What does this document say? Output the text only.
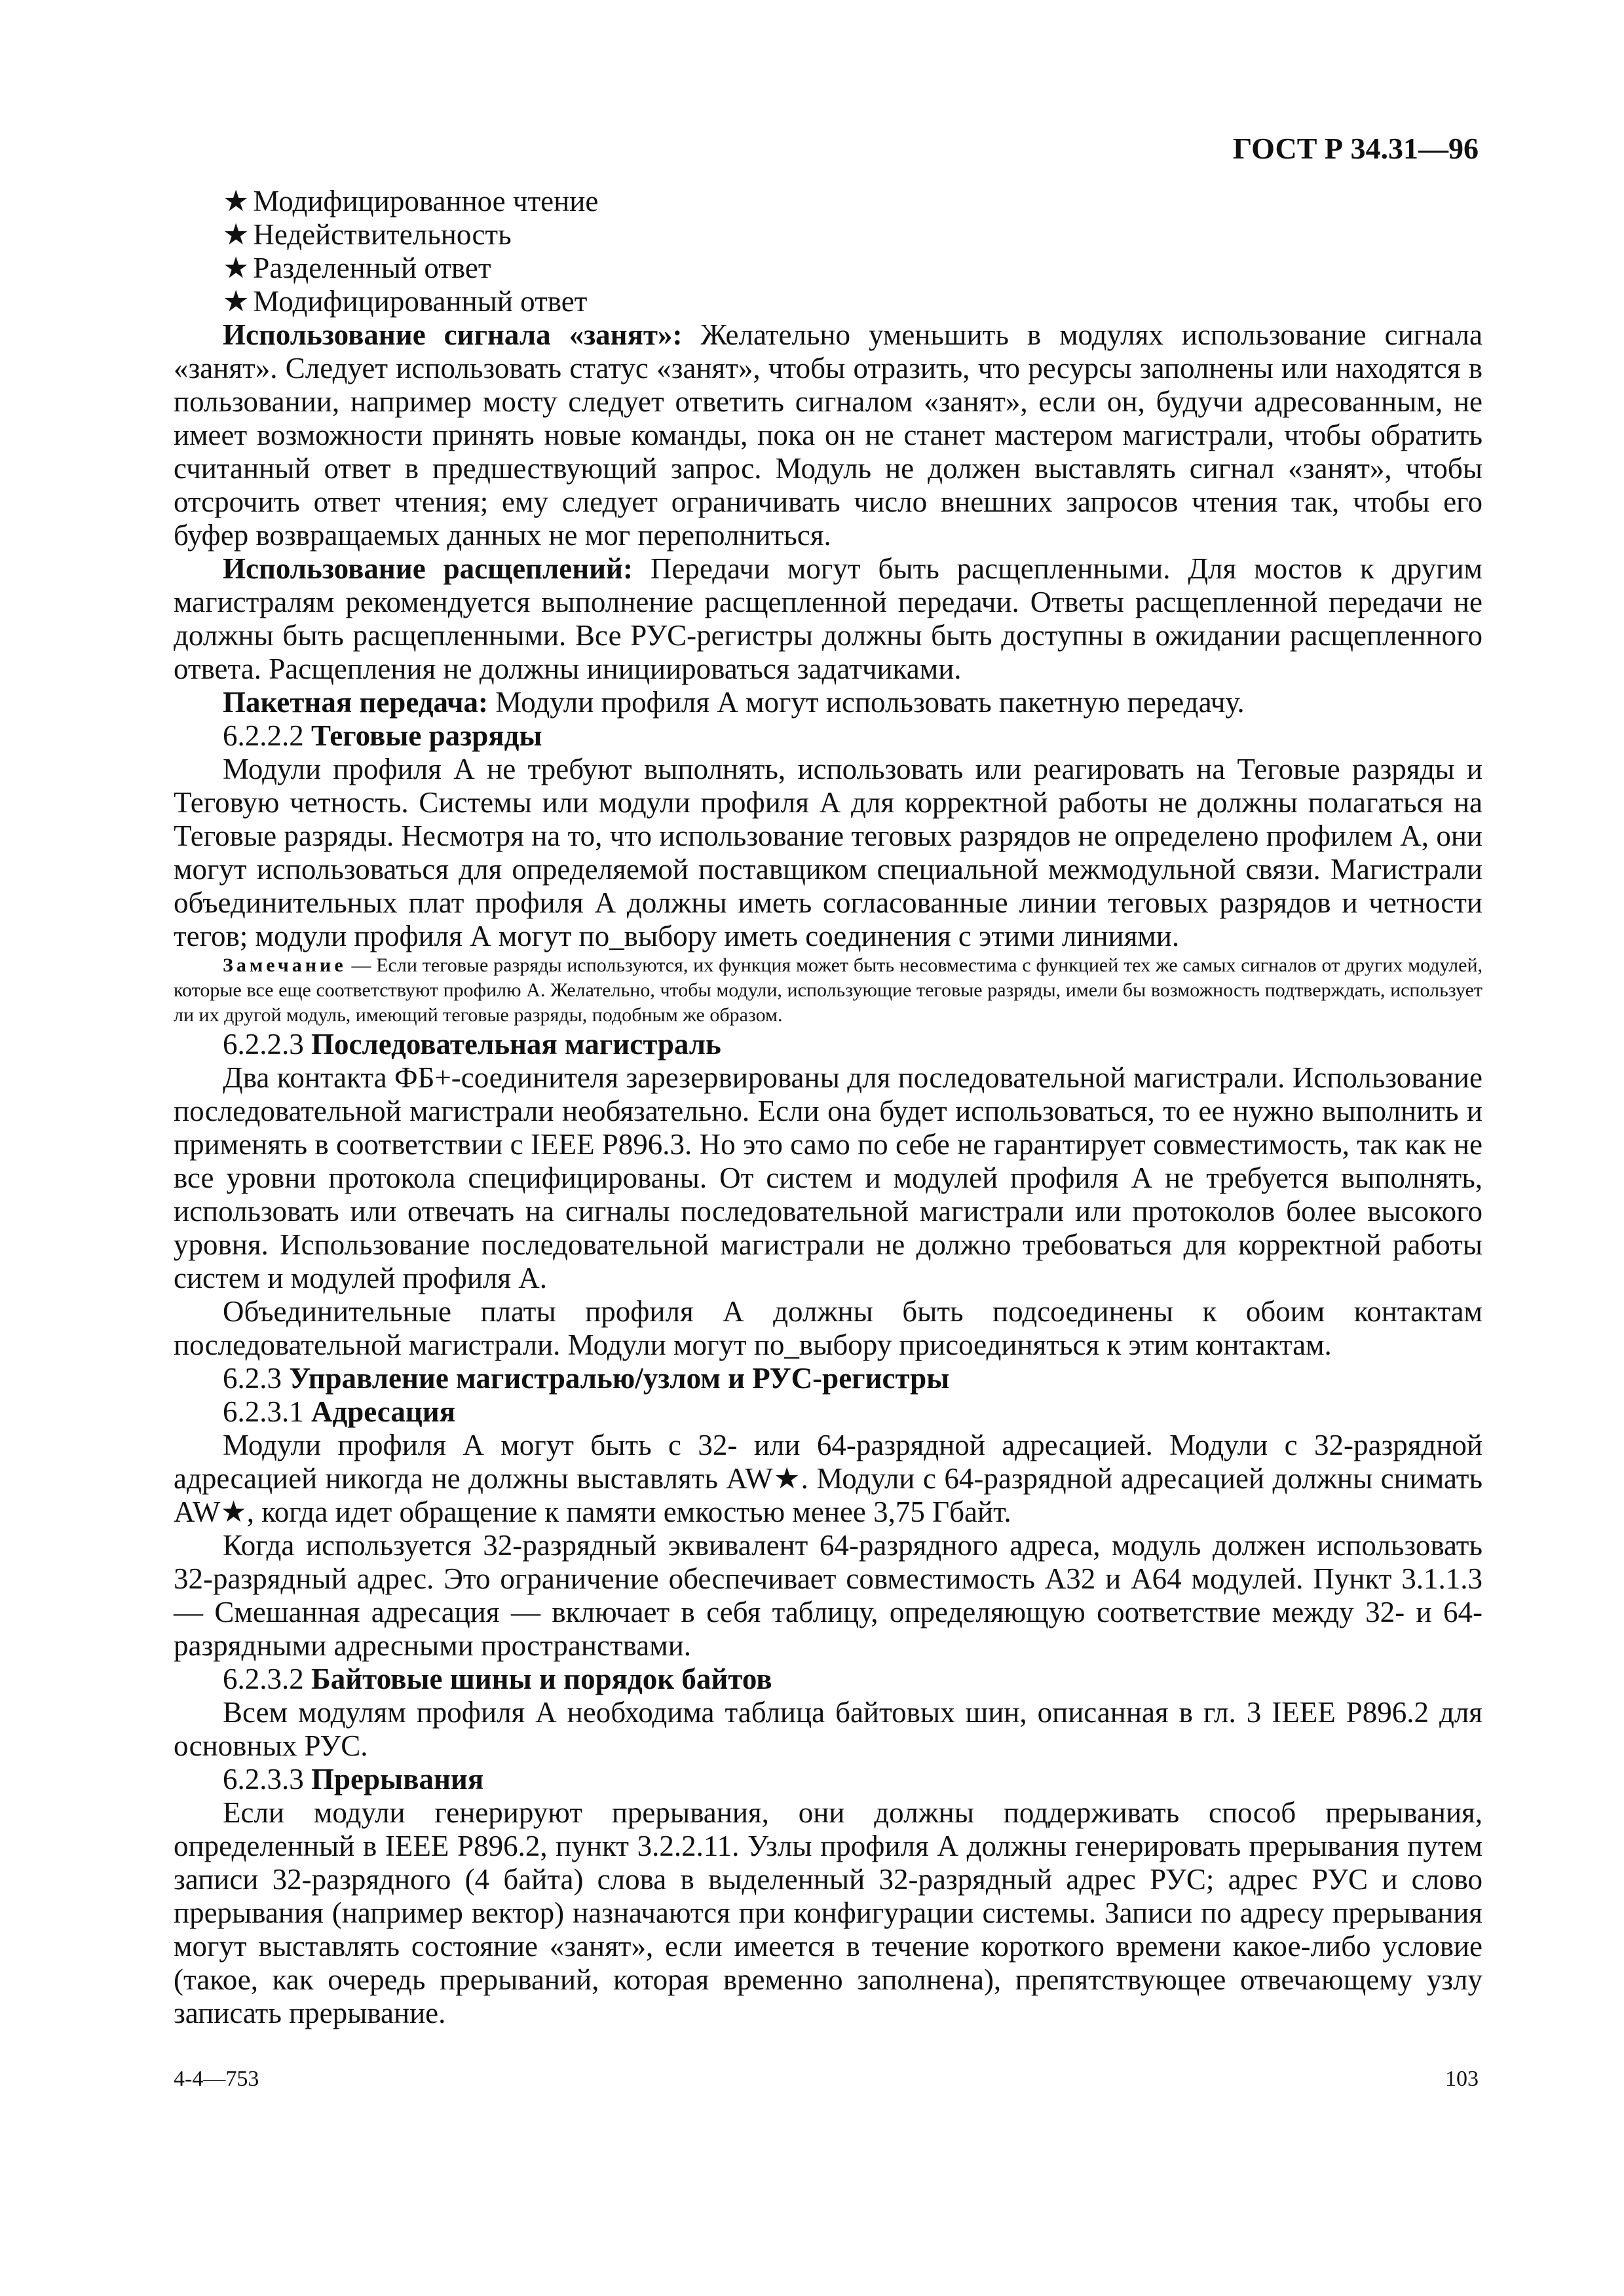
ГОСТ Р 34.31—96

★ Модифицированное чтение

★ Недействительность

★ Разделенный ответ

★ Модифицированный ответ

Использование сигнала «занят»: Желательно уменьшить в модулях использование сигнала «занят». Следует использовать статус «занят», чтобы отразить, что ресурсы заполнены или находятся в пользовании, например мосту следует ответить сигналом «занят», если он, будучи адресованным, не имеет возможности принять новые команды, пока он не станет мастером магистрали, чтобы обратить считанный ответ в предшествующий запрос. Модуль не должен выставлять сигнал «занят», чтобы отсрочить ответ чтения; ему следует ограничивать число внешних запросов чтения так, чтобы его буфер возвращаемых данных не мог переполниться.

Использование расщеплений: Передачи могут быть расщепленными. Для мостов к другим магистралям рекомендуется выполнение расщепленной передачи. Ответы расщепленной передачи не должны быть расщепленными. Все РУС-регистры должны быть доступны в ожидании расщепленного ответа. Расщепления не должны инициироваться задатчиками.

Пакетная передача: Модули профиля А могут использовать пакетную передачу.

6.2.2.2 Теговые разряды

Модули профиля А не требуют выполнять, использовать или реагировать на Теговые разряды и Теговую четность. Системы или модули профиля А для корректной работы не должны полагаться на Теговые разряды. Несмотря на то, что использование теговых разрядов не определено профилем А, они могут использоваться для определяемой поставщиком специальной межмодульной связи. Магистрали объединительных плат профиля А должны иметь согласованные линии теговых разрядов и четности тегов; модули профиля А могут по_выбору иметь соединения с этими линиями.

Замечание — Если теговые разряды используются, их функция может быть несовместима с функцией тех же самых сигналов от других модулей, которые все еще соответствуют профилю А. Желательно, чтобы модули, использующие теговые разряды, имели бы возможность подтверждать, использует ли их другой модуль, имеющий теговые разряды, подобным же образом.

6.2.2.3 Последовательная магистраль

Два контакта ФБ+-соединителя зарезервированы для последовательной магистрали. Использование последовательной магистрали необязательно. Если она будет использоваться, то ее нужно выполнить и применять в соответствии с IEEE P896.3. Но это само по себе не гарантирует совместимость, так как не все уровни протокола специфицированы. От систем и модулей профиля А не требуется выполнять, использовать или отвечать на сигналы последовательной магистрали или протоколов более высокого уровня. Использование последовательной магистрали не должно требоваться для корректной работы систем и модулей профиля А.

Объединительные платы профиля А должны быть подсоединены к обоим контактам последовательной магистрали. Модули могут по_выбору присоединяться к этим контактам.

6.2.3 Управление магистралью/узлом и РУС-регистры

6.2.3.1 Адресация

Модули профиля А могут быть с 32- или 64-разрядной адресацией. Модули с 32-разрядной адресацией никогда не должны выставлять AW★. Модули с 64-разрядной адресацией должны снимать AW★, когда идет обращение к памяти емкостью менее 3,75 Гбайт.

Когда используется 32-разрядный эквивалент 64-разрядного адреса, модуль должен использовать 32-разрядный адрес. Это ограничение обеспечивает совместимость А32 и А64 модулей. Пункт 3.1.1.3 — Смешанная адресация — включает в себя таблицу, определяющую соответствие между 32- и 64-разрядными адресными пространствами.

6.2.3.2 Байтовые шины и порядок байтов

Всем модулям профиля А необходима таблица байтовых шин, описанная в гл. 3 IEEE P896.2 для основных РУС.

6.2.3.3 Прерывания

Если модули генерируют прерывания, они должны поддерживать способ прерывания, определенный в IEEE P896.2, пункт 3.2.2.11. Узлы профиля А должны генерировать прерывания путем записи 32-разрядного (4 байта) слова в выделенный 32-разрядный адрес РУС; адрес РУС и слово прерывания (например вектор) назначаются при конфигурации системы. Записи по адресу прерывания могут выставлять состояние «занят», если имеется в течение короткого времени какое-либо условие (такое, как очередь прерываний, которая временно заполнена), препятствующее отвечающему узлу записать прерывание.

4-4—753	103
